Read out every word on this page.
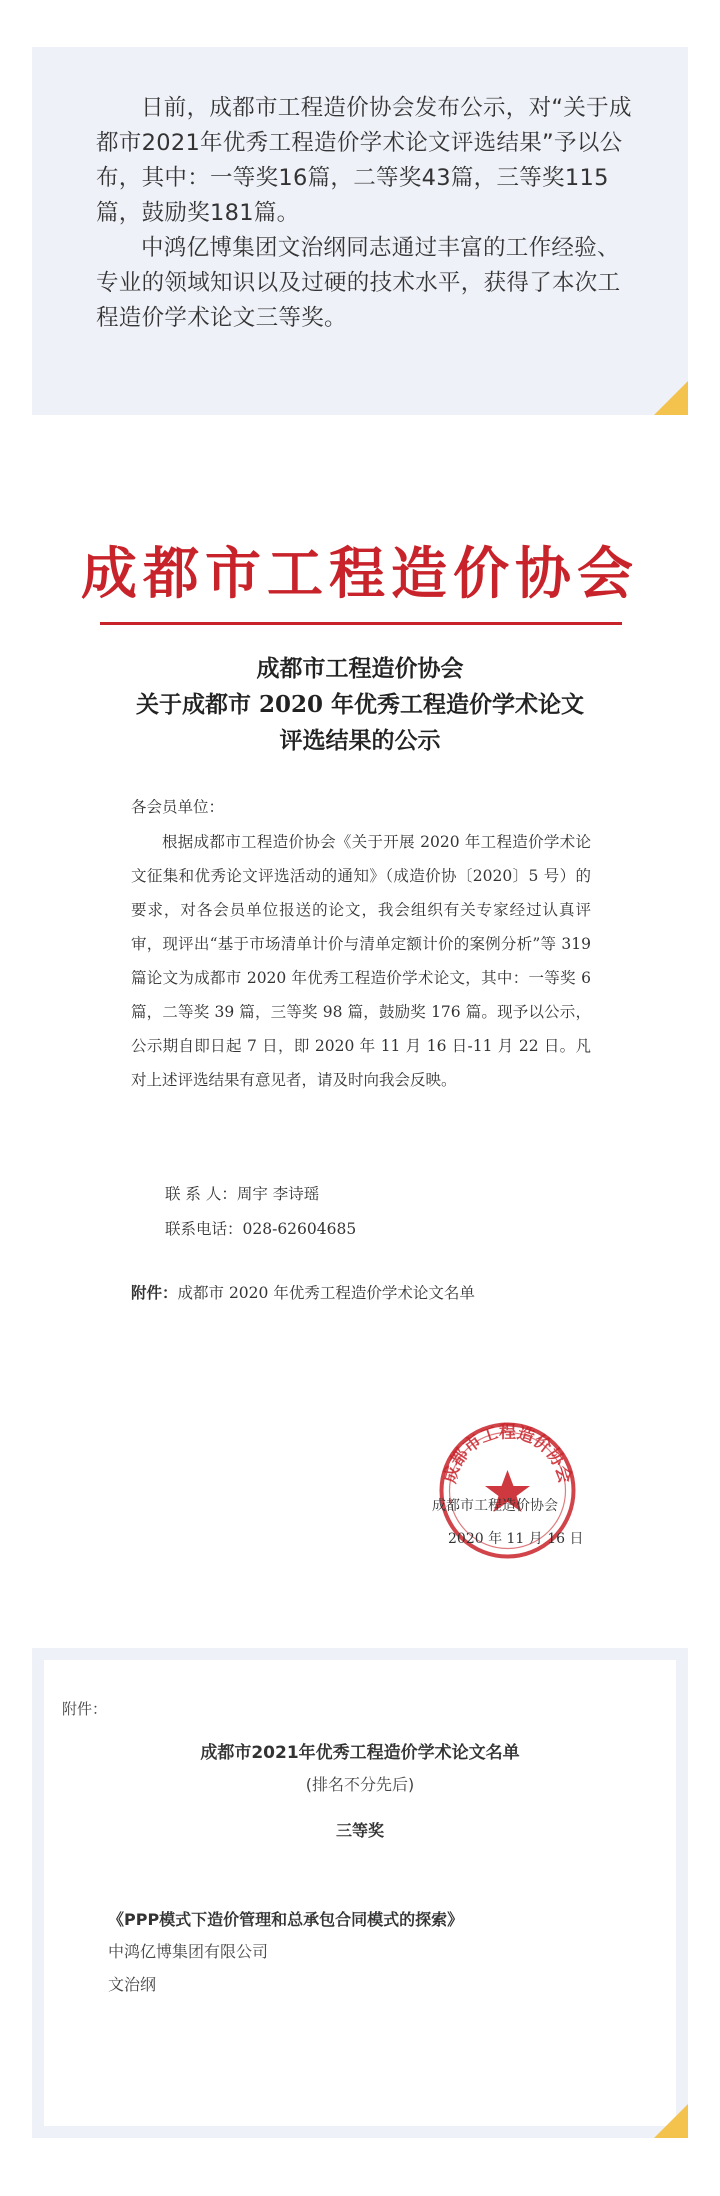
日前，成都市工程造价协会发布公示，对“关于成都市2021年优秀工程造价学术论文评选结果”予以公布，其中：一等奖16篇，二等奖43篇，三等奖115篇，鼓励奖181篇。

中鸿亿博集团文治纲同志通过丰富的工作经验、专业的领域知识以及过硬的技术水平，获得了本次工程造价学术论文三等奖。

成都市工程造价协会
成都市工程造价协会
关于成都市 2020 年优秀工程造价学术论文
评选结果的公示
各会员单位：

根据成都市工程造价协会《关于开展 2020 年工程造价学术论文征集和优秀论文评选活动的通知》（成造价协〔2020〕5 号）的要求，对各会员单位报送的论文，我会组织有关专家经过认真评审，现评出“基于市场清单计价与清单定额计价的案例分析”等 319 篇论文为成都市 2020 年优秀工程造价学术论文，其中：一等奖 6 篇，二等奖 39 篇，三等奖 98 篇，鼓励奖 176 篇。现予以公示，公示期自即日起 7 日，即 2020 年 11 月 16 日-11 月 22 日。凡对上述评选结果有意见者，请及时向我会反映。

联 系 人：周宇 李诗瑶
联系电话：028-62604685
附件：成都市 2020 年优秀工程造价学术论文名单
成都市工程造价协会
成都市工程造价协会
2020 年 11 月 16 日
附件：
成都市2021年优秀工程造价学术论文名单
(排名不分先后)
三等奖
《PPP模式下造价管理和总承包合同模式的探索》
中鸿亿博集团有限公司
文治纲
